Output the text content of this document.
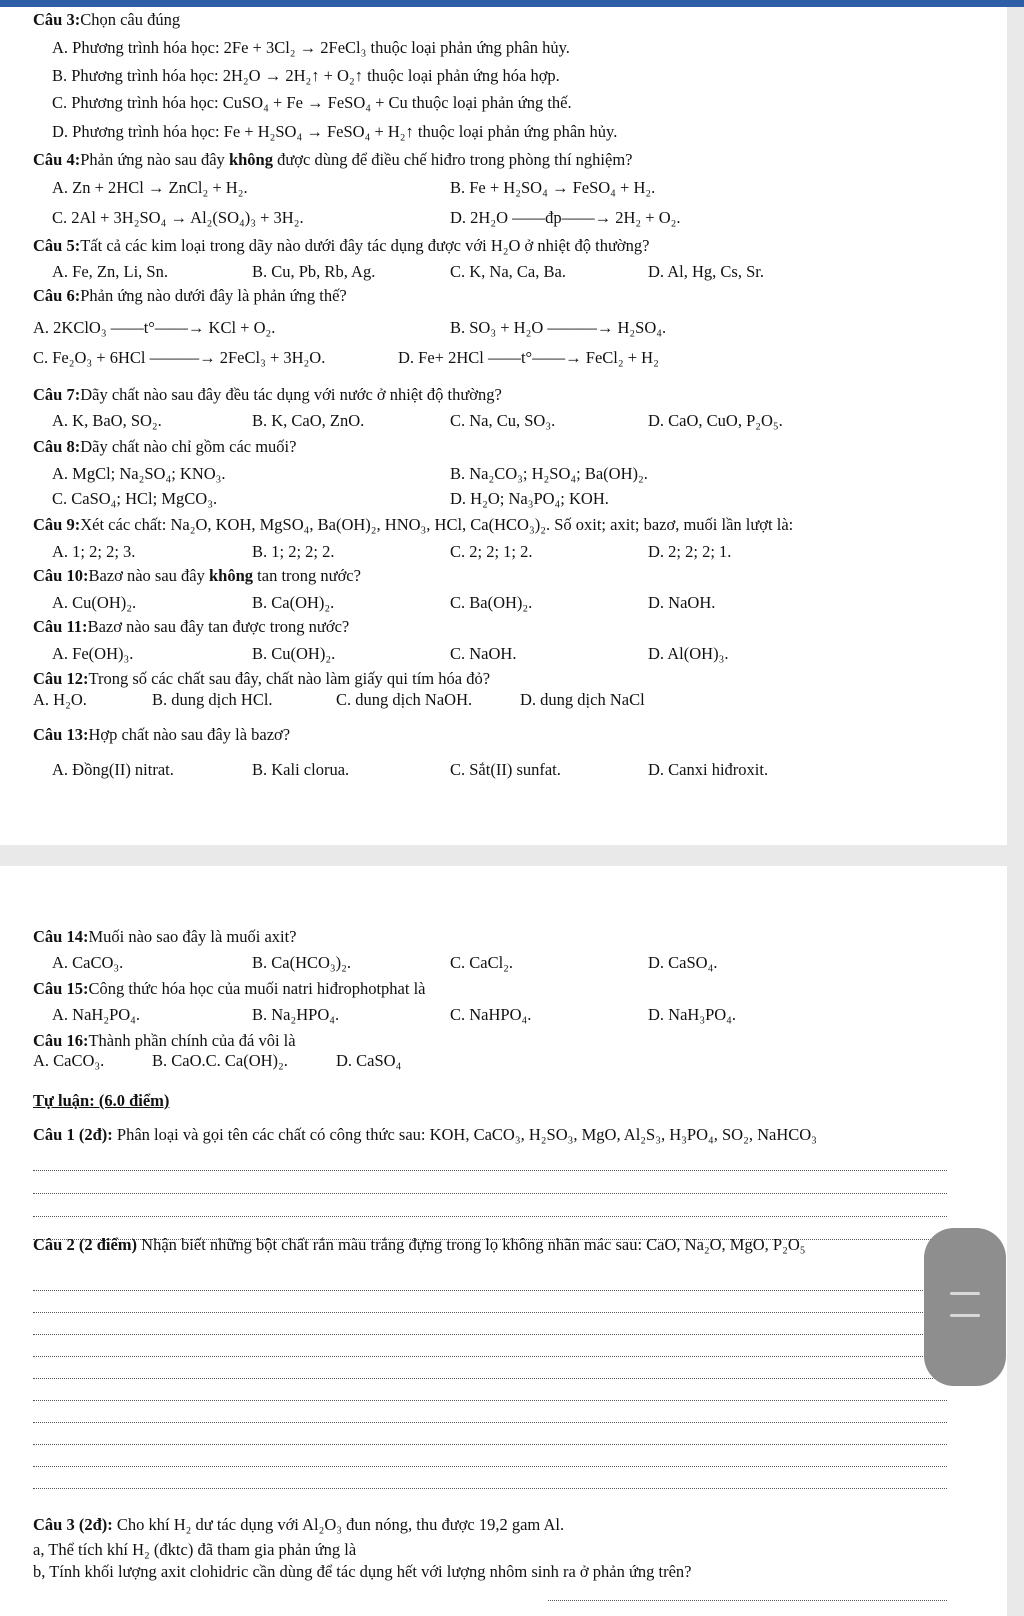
Câu 3:Chọn câu đúng
A. Phương trình hóa học: 2Fe + 3Cl₂ → 2FeCl₃ thuộc loại phản ứng phân hủy.
B. Phương trình hóa học: 2H₂O → 2H₂↑ + O₂↑ thuộc loại phản ứng hóa hợp.
C. Phương trình hóa học: CuSO₄ + Fe → FeSO₄ + Cu thuộc loại phản ứng thế.
D. Phương trình hóa học: Fe + H₂SO₄ → FeSO₄ + H₂↑ thuộc loại phản ứng phân hủy.
Câu 4:Phản ứng nào sau đây không được dùng để điều chế hiđro trong phòng thí nghiệm?
A. Zn + 2HCl → ZnCl₂ + H₂.	B. Fe + H₂SO₄ → FeSO₄ + H₂.
C. 2Al + 3H₂SO₄ → Al₂(SO₄)₃ + 3H₂.	D. 2H₂O ——đp——→ 2H₂ + O₂.
Câu 5:Tất cả các kim loại trong dãy nào dưới đây tác dụng được với H₂O ở nhiệt độ thường?
A. Fe, Zn, Li, Sn.	B. Cu, Pb, Rb, Ag.	C. K, Na, Ca, Ba.	D. Al, Hg, Cs, Sr.
Câu 6:Phản ứng nào dưới đây là phản ứng thế?
A. 2KClO₃ ——t°——→ KCl + O₂.	B. SO₃ + H₂O ———→ H₂SO₄.
C. Fe₂O₃ + 6HCl ———→ 2FeCl₃ + 3H₂O.	D. Fe+ 2HCl ——t°——→ FeCl₂ + H₂
Câu 7:Dãy chất nào sau đây đều tác dụng với nước ở nhiệt độ thường?
A. K, BaO, SO₂.	B. K, CaO, ZnO.	C. Na, Cu, SO₃.	D. CaO, CuO, P₂O₅.
Câu 8:Dãy chất nào chỉ gồm các muối?
A. MgCl; Na₂SO₄; KNO₃.	B. Na₂CO₃; H₂SO₄; Ba(OH)₂.
C. CaSO₄; HCl; MgCO₃.	D. H₂O; Na₃PO₄; KOH.
Câu 9:Xét các chất: Na₂O, KOH, MgSO₄, Ba(OH)₂, HNO₃, HCl, Ca(HCO₃)₂. Số oxit; axit; bazơ, muối lần lượt là:
A. 1; 2; 2; 3.	B. 1; 2; 2; 2.	C. 2; 2; 1; 2.	D. 2; 2; 2; 1.
Câu 10:Bazơ nào sau đây không tan trong nước?
A. Cu(OH)₂.	B. Ca(OH)₂.	C. Ba(OH)₂.	D. NaOH.
Câu 11:Bazơ nào sau đây tan được trong nước?
A. Fe(OH)₃.	B. Cu(OH)₂.	C. NaOH.	D. Al(OH)₃.
Câu 12:Trong số các chất sau đây, chất nào làm giấy qui tím hóa đỏ?
A. H₂O.	B. dung dịch HCl.	C. dung dịch NaOH.	D. dung dịch NaCl
Câu 13:Hợp chất nào sau đây là bazơ?
A. Đồng(II) nitrat.	B. Kali clorua.	C. Sắt(II) sunfat.	D. Canxi hiđroxit.
Câu 14:Muối nào sao đây là muối axit?
A. CaCO₃.	B. Ca(HCO₃)₂.	C. CaCl₂.	D. CaSO₄.
Câu 15:Công thức hóa học của muối natri hiđrophotphat là
A. NaH₂PO₄.	B. Na₂HPO₄.	C. NaHPO₄.	D. NaH₃PO₄.
Câu 16:Thành phần chính của đá vôi là
A. CaCO₃.	B. CaO.C. Ca(OH)₂.	D. CaSO₄
Tự luận: (6.0 điểm)
Câu 1 (2đ): Phân loại và gọi tên các chất có công thức sau: KOH, CaCO₃, H₂SO₃, MgO, Al₂S₃, H₃PO₄, SO₂, NaHCO₃
Câu 2 (2 điểm) Nhận biết những bột chất rắn màu trắng đựng trong lọ không nhãn mác sau: CaO, Na₂O, MgO, P₂O₅
Câu 3 (2đ): Cho khí H₂ dư tác dụng với Al₂O₃ đun nóng, thu được 19,2 gam Al.
a, Thể tích khí H₂ (đktc) đã tham gia phản ứng là
b, Tính khối lượng axit clohidric cần dùng để tác dụng hết với lượng nhôm sinh ra ở phản ứng trên?
